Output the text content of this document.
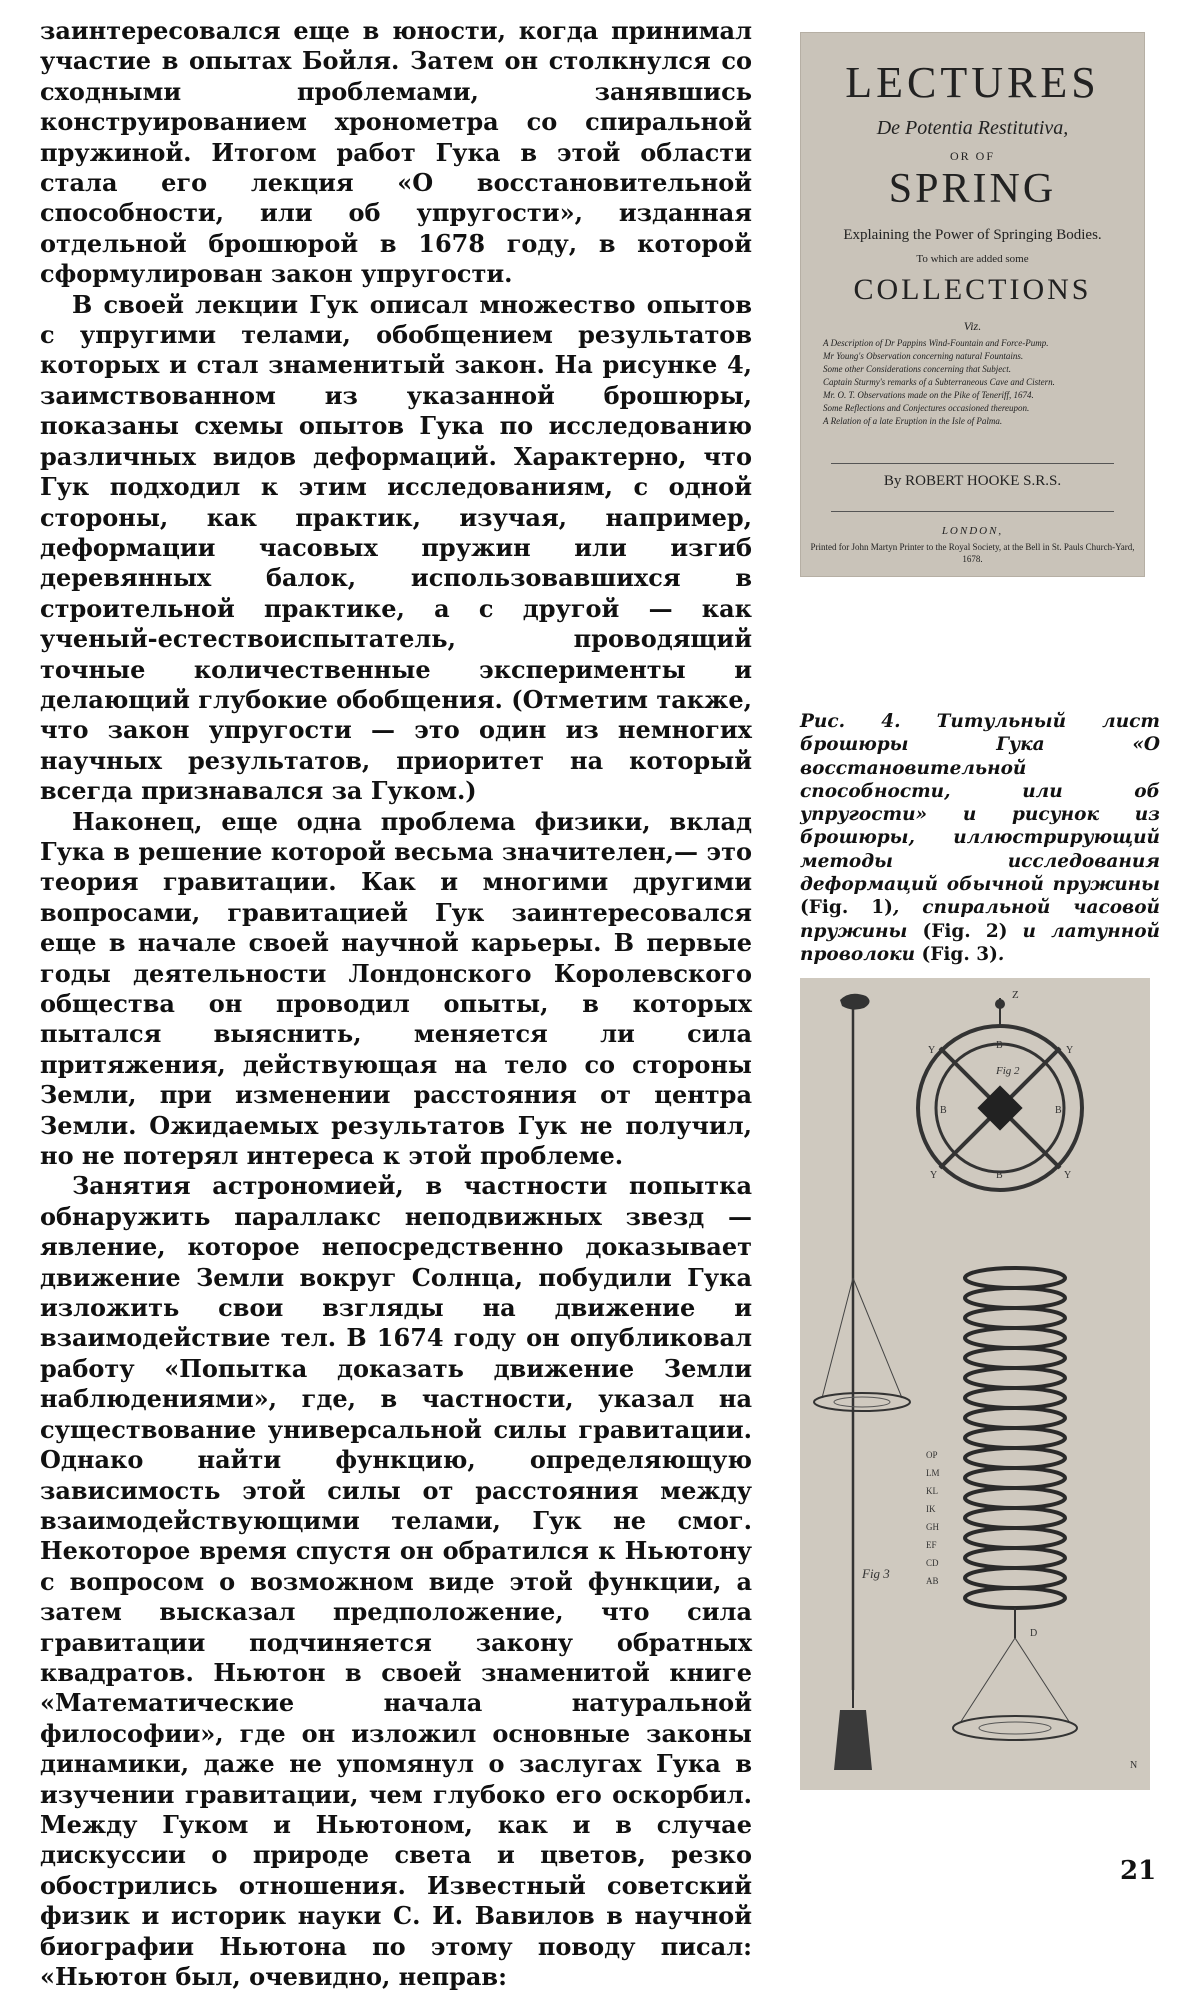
заинтересовался еще в юности, когда принимал участие в опытах Бойля. Затем он столкнулся со сходными проблемами, занявшись конструированием хронометра со спиральной пружиной. Итогом работ Гука в этой области стала его лекция «О восстановительной способности, или об упругости», изданная отдельной брошюрой в 1678 году, в которой сформулирован закон упругости.

В своей лекции Гук описал множество опытов с упругими телами, обобщением результатов которых и стал знаменитый закон. На рисунке 4, заимствованном из указанной брошюры, показаны схемы опытов Гука по исследованию различных видов деформаций. Характерно, что Гук подходил к этим исследованиям, с одной стороны, как практик, изучая, например, деформации часовых пружин или изгиб деревянных балок, использовавшихся в строительной практике, а с другой — как ученый-естествоиспытатель, проводящий точные количественные эксперименты и делающий глубокие обобщения. (Отметим также, что закон упругости — это один из немногих научных результатов, приоритет на который всегда признавался за Гуком.)

Наконец, еще одна проблема физики, вклад Гука в решение которой весьма значителен,— это теория гравитации. Как и многими другими вопросами, гравитацией Гук заинтересовался еще в начале своей научной карьеры. В первые годы деятельности Лондонского Королевского общества он проводил опыты, в которых пытался выяснить, меняется ли сила притяжения, действующая на тело со стороны Земли, при изменении расстояния от центра Земли. Ожидаемых результатов Гук не получил, но не потерял интереса к этой проблеме.

Занятия астрономией, в частности попытка обнаружить параллакс неподвижных звезд — явление, которое непосредственно доказывает движение Земли вокруг Солнца, побудили Гука изложить свои взгляды на движение и взаимодействие тел. В 1674 году он опубликовал работу «Попытка доказать движение Земли наблюдениями», где, в частности, указал на существование универсальной силы гравитации. Однако найти функцию, определяющую зависимость этой силы от расстояния между взаимодействующими телами, Гук не смог. Некоторое время спустя он обратился к Ньютону с вопросом о возможном виде этой функции, а затем высказал предположение, что сила гравитации подчиняется закону обратных квадратов. Ньютон в своей знаменитой книге «Математические начала натуральной философии», где он изложил основные законы динамики, даже не упомянул о заслугах Гука в изучении гравитации, чем глубоко его оскорбил. Между Гуком и Ньютоном, как и в случае дискуссии о природе света и цветов, резко обострились отношения. Известный советский физик и историк науки С. И. Вавилов в научной биографии Ньютона по этому поводу писал: «Ньютон был, очевидно, неправ:

LECTURES

De Potentia Restitutiva,

OR OF

SPRING

Explaining the Power of Springing Bodies.

To which are added some

COLLECTIONS

Viz.

A Description of Dr Pappins Wind-Fountain and Force-Pump.
Mr Young's Observation concerning natural Fountains.
Some other Considerations concerning that Subject.
Captain Sturmy's remarks of a Subterraneous Cave and Cistern.
Mr. O. T. Observations made on the Pike of Teneriff, 1674.
Some Reflections and Conjectures occasioned thereupon.
A Relation of a late Eruption in the Isle of Palma.

By ROBERT HOOKE S.R.S.

LONDON,

Printed for John Martyn Printer to the Royal Society, at the Bell in St. Pauls Church-Yard, 1678.

Рис. 4. Титульный лист брошюры Гука «О восстановительной способности, или об упругости» и рисунок из брошюры, иллюстрирующий методы исследования деформаций обычной пружины (Fig. 1), спиральной часовой пружины (Fig. 2) и латунной проволоки (Fig. 3).

Fig 3
Z
Fig 2
B	B
B
B
Y	Y
Y	Y
D
N
OP
LM
KL
IK
GH
EF
CD
AB
21
